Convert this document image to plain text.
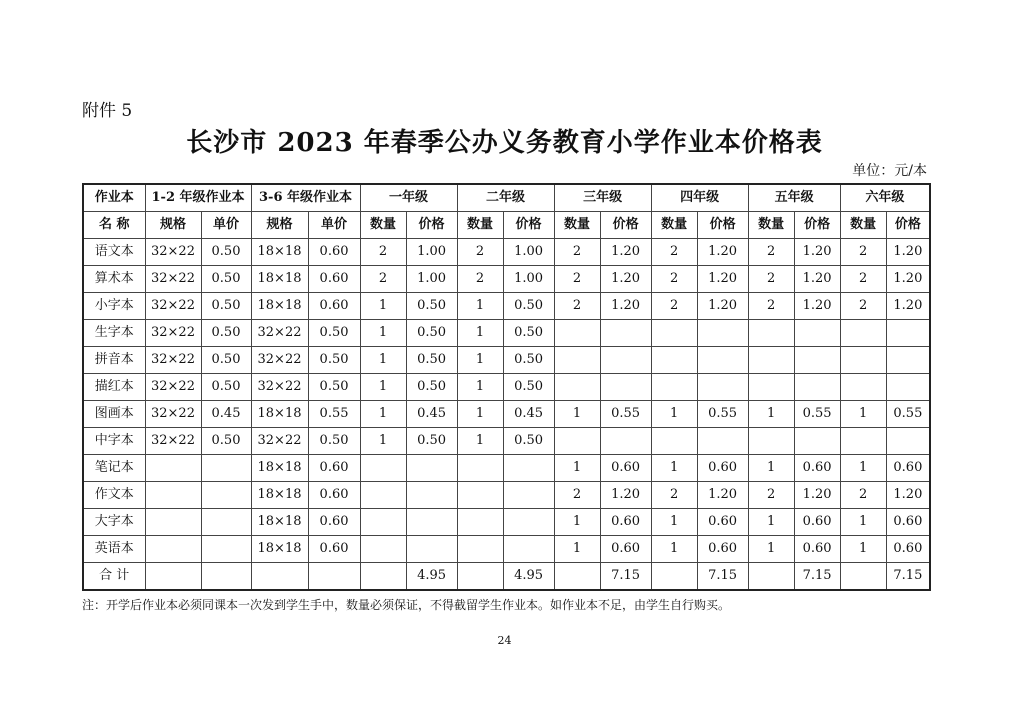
附件 5
长沙市 2023 年春季公办义务教育小学作业本价格表
单位：元/本
作业本	1-2 年级作业本		3-6 年级作业本		一年级		二年级		三年级		四年级		五年级		六年级	
名 称	规格	单价	规格	单价	数量	价格	数量	价格	数量	价格	数量	价格	数量	价格	数量	价格
语文本	32×22	0.50	18×18	0.60	2	1.00	2	1.00	2	1.20	2	1.20	2	1.20	2	1.20
算术本	32×22	0.50	18×18	0.60	2	1.00	2	1.00	2	1.20	2	1.20	2	1.20	2	1.20
小字本	32×22	0.50	18×18	0.60	1	0.50	1	0.50	2	1.20	2	1.20	2	1.20	2	1.20
生字本	32×22	0.50	32×22	0.50	1	0.50	1	0.50								
拼音本	32×22	0.50	32×22	0.50	1	0.50	1	0.50								
描红本	32×22	0.50	32×22	0.50	1	0.50	1	0.50								
图画本	32×22	0.45	18×18	0.55	1	0.45	1	0.45	1	0.55	1	0.55	1	0.55	1	0.55
中字本	32×22	0.50	32×22	0.50	1	0.50	1	0.50								
笔记本			18×18	0.60					1	0.60	1	0.60	1	0.60	1	0.60
作文本			18×18	0.60					2	1.20	2	1.20	2	1.20	2	1.20
大字本			18×18	0.60					1	0.60	1	0.60	1	0.60	1	0.60
英语本			18×18	0.60					1	0.60	1	0.60	1	0.60	1	0.60
合 计						4.95		4.95		7.15		7.15		7.15		7.15
注：开学后作业本必须同课本一次发到学生手中，数量必须保证，不得截留学生作业本。如作业本不足，由学生自行购买。
24
